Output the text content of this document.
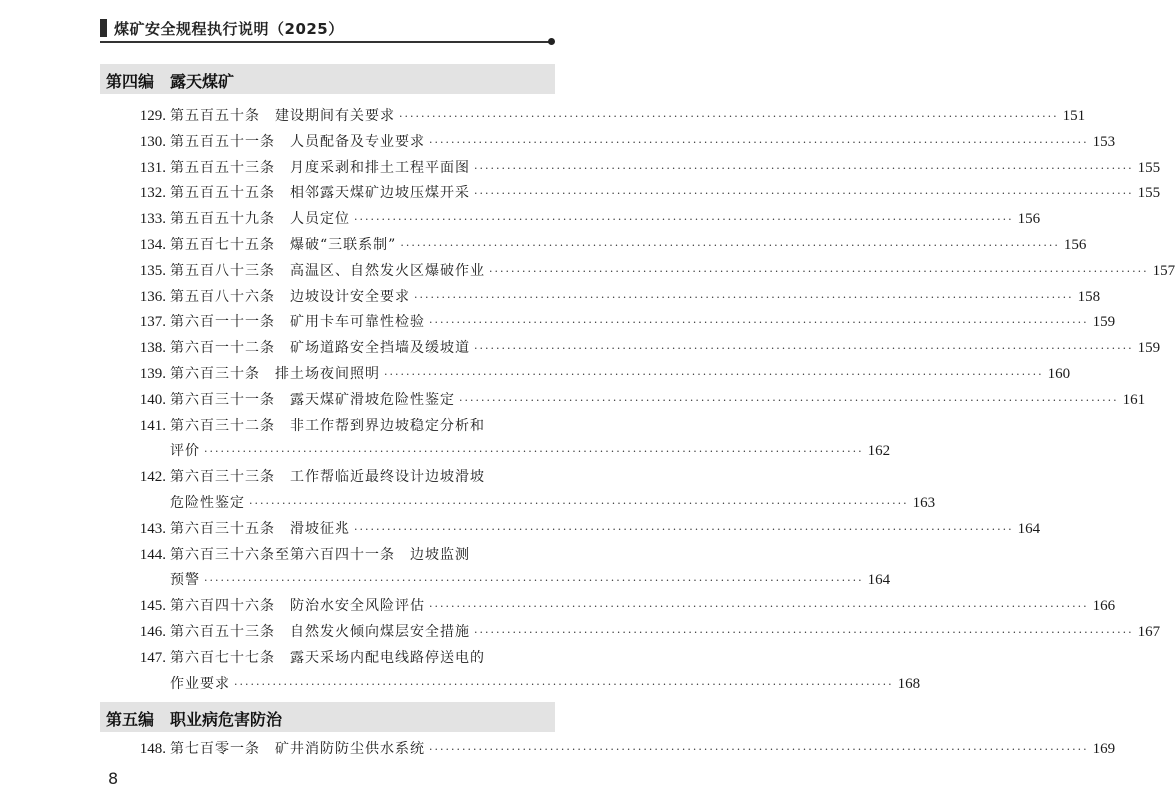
煤矿安全规程执行说明（2025）
第四编　露天煤矿
129. 第五百五十条　建设期间有关要求 ························································································································ 151
130. 第五百五十一条　人员配备及专业要求 ························································································································ 153
131. 第五百五十三条　月度采剥和排土工程平面图 ························································································································ 155
132. 第五百五十五条　相邻露天煤矿边坡压煤开采 ························································································································ 155
133. 第五百五十九条　人员定位 ························································································································ 156
134. 第五百七十五条　爆破“三联系制” ························································································································ 156
135. 第五百八十三条　高温区、自然发火区爆破作业 ························································································································ 157
136. 第五百八十六条　边坡设计安全要求 ························································································································ 158
137. 第六百一十一条　矿用卡车可靠性检验 ························································································································ 159
138. 第六百一十二条　矿场道路安全挡墙及缓坡道 ························································································································ 159
139. 第六百三十条　排土场夜间照明 ························································································································ 160
140. 第六百三十一条　露天煤矿滑坡危险性鉴定 ························································································································ 161
141. 第六百三十二条　非工作帮到界边坡稳定分析和
评价 ························································································································ 162
142. 第六百三十三条　工作帮临近最终设计边坡滑坡
危险性鉴定 ························································································································ 163
143. 第六百三十五条　滑坡征兆 ························································································································ 164
144. 第六百三十六条至第六百四十一条　边坡监测
预警 ························································································································ 164
145. 第六百四十六条　防治水安全风险评估 ························································································································ 166
146. 第六百五十三条　自然发火倾向煤层安全措施 ························································································································ 167
147. 第六百七十七条　露天采场内配电线路停送电的
作业要求 ························································································································ 168
第五编　职业病危害防治
148. 第七百零一条　矿井消防防尘供水系统 ························································································································ 169
8
